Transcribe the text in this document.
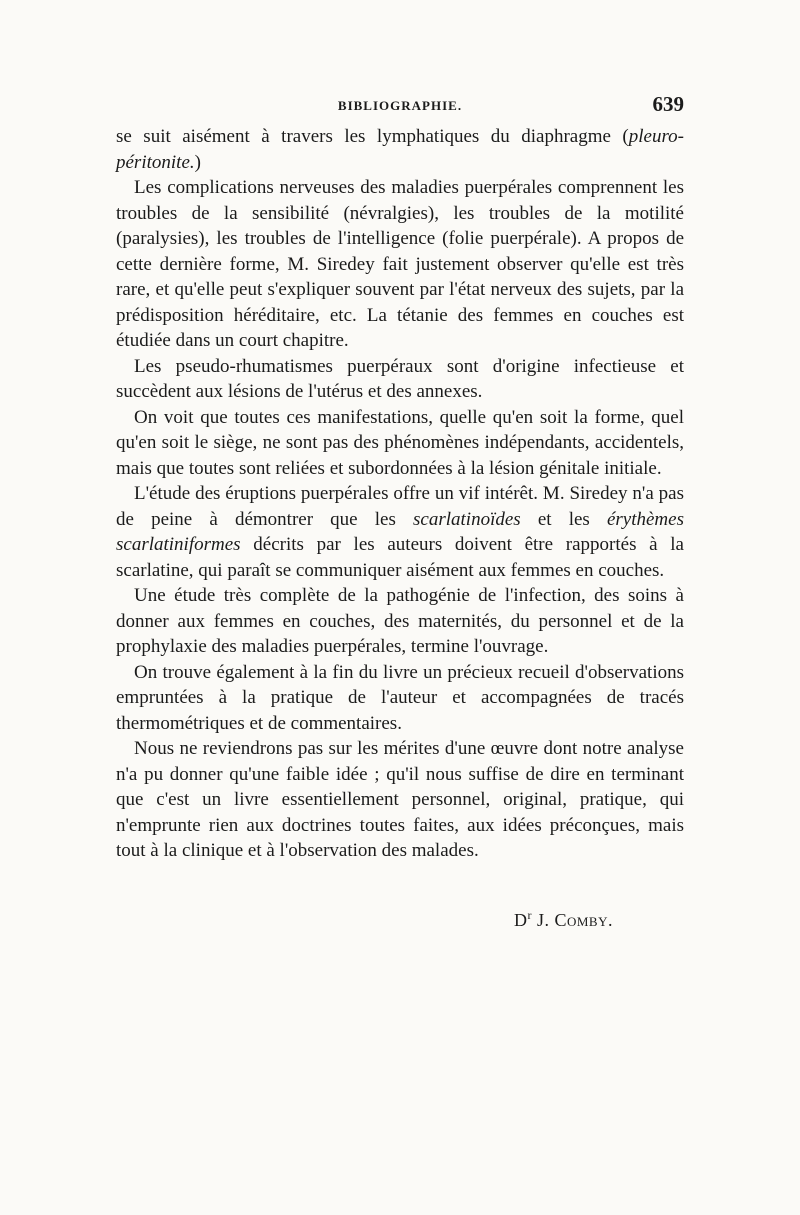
BIBLIOGRAPHIE.	639

se suit aisément à travers les lymphatiques du diaphragme (pleuro-péritonite.)

Les complications nerveuses des maladies puerpérales comprennent les troubles de la sensibilité (névralgies), les troubles de la motilité (paralysies), les troubles de l'intelligence (folie puerpérale). A propos de cette dernière forme, M. Siredey fait justement observer qu'elle est très rare, et qu'elle peut s'expliquer souvent par l'état nerveux des sujets, par la prédisposition héréditaire, etc. La tétanie des femmes en couches est étudiée dans un court chapitre.

Les pseudo-rhumatismes puerpéraux sont d'origine infectieuse et succèdent aux lésions de l'utérus et des annexes.

On voit que toutes ces manifestations, quelle qu'en soit la forme, quel qu'en soit le siège, ne sont pas des phénomènes indépendants, accidentels, mais que toutes sont reliées et subordonnées à la lésion génitale initiale.

L'étude des éruptions puerpérales offre un vif intérêt. M. Siredey n'a pas de peine à démontrer que les scarlatinoïdes et les érythèmes scarlatiniformes décrits par les auteurs doivent être rapportés à la scarlatine, qui paraît se communiquer aisément aux femmes en couches.

Une étude très complète de la pathogénie de l'infection, des soins à donner aux femmes en couches, des maternités, du personnel et de la prophylaxie des maladies puerpérales, termine l'ouvrage.

On trouve également à la fin du livre un précieux recueil d'observations empruntées à la pratique de l'auteur et accompagnées de tracés thermométriques et de commentaires.

Nous ne reviendrons pas sur les mérites d'une œuvre dont notre analyse n'a pu donner qu'une faible idée ; qu'il nous suffise de dire en terminant que c'est un livre essentiellement personnel, original, pratique, qui n'emprunte rien aux doctrines toutes faites, aux idées préconçues, mais tout à la clinique et à l'observation des malades.

$D^r$ J. Comby.
